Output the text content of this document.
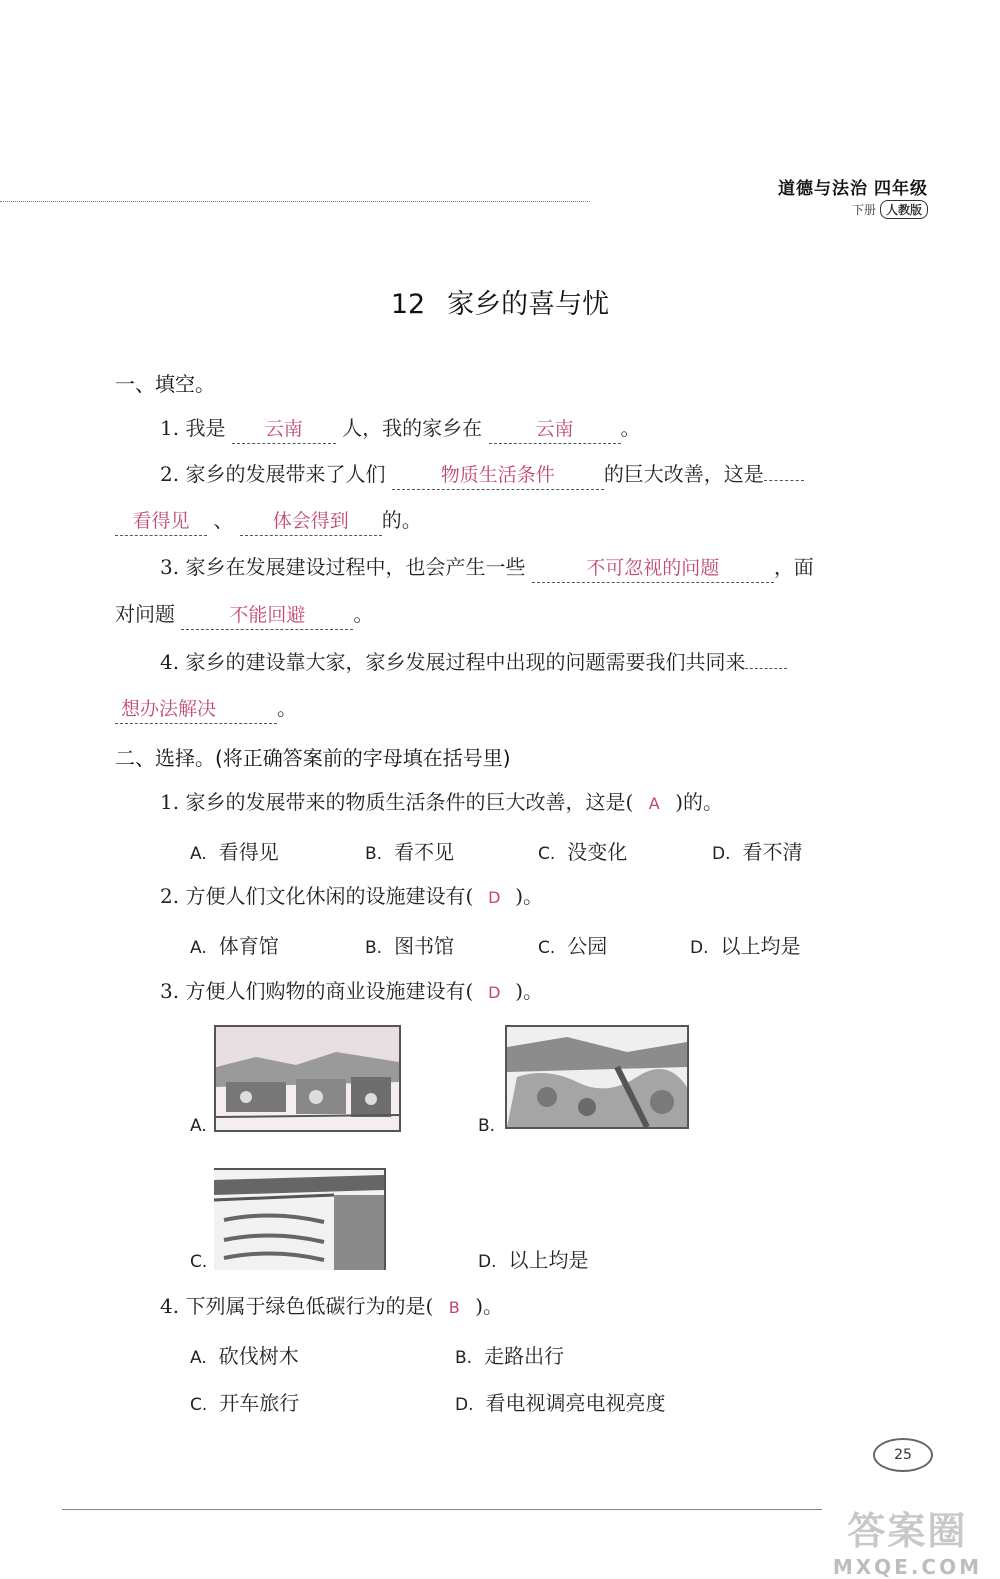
道德与法治 四年级
下册 人教版
12 家乡的喜与忧
一、填空。
1. 我是 云南 人，我的家乡在	云南 。
2. 家乡的发展带来了人们	物质生活条件 的巨大改善，这是
看得见 、 体会得到 的。
3. 家乡在发展建设过程中，也会产生一些	不可忽视的问题	，面
对问题	不能回避 。
4. 家乡的建设靠大家，家乡发展过程中出现的问题需要我们共同来
想办法解决	。
二、选择。(将正确答案前的字母填在括号里)
1. 家乡的发展带来的物质生活条件的巨大改善，这是( A )的。
A. 看得见	B. 看不见	C. 没变化	D. 看不清
2. 方便人们文化休闲的设施建设有( D )。
A. 体育馆	B. 图书馆	C. 公园	D. 以上均是
3. 方便人们购物的商业设施建设有( D )。
A.	B.
C.	D. 以上均是
4. 下列属于绿色低碳行为的是( B )。
A. 砍伐树木	B. 走路出行
C. 开车旅行	D. 看电视调亮电视亮度
25
答案圈
MXQE.COM
